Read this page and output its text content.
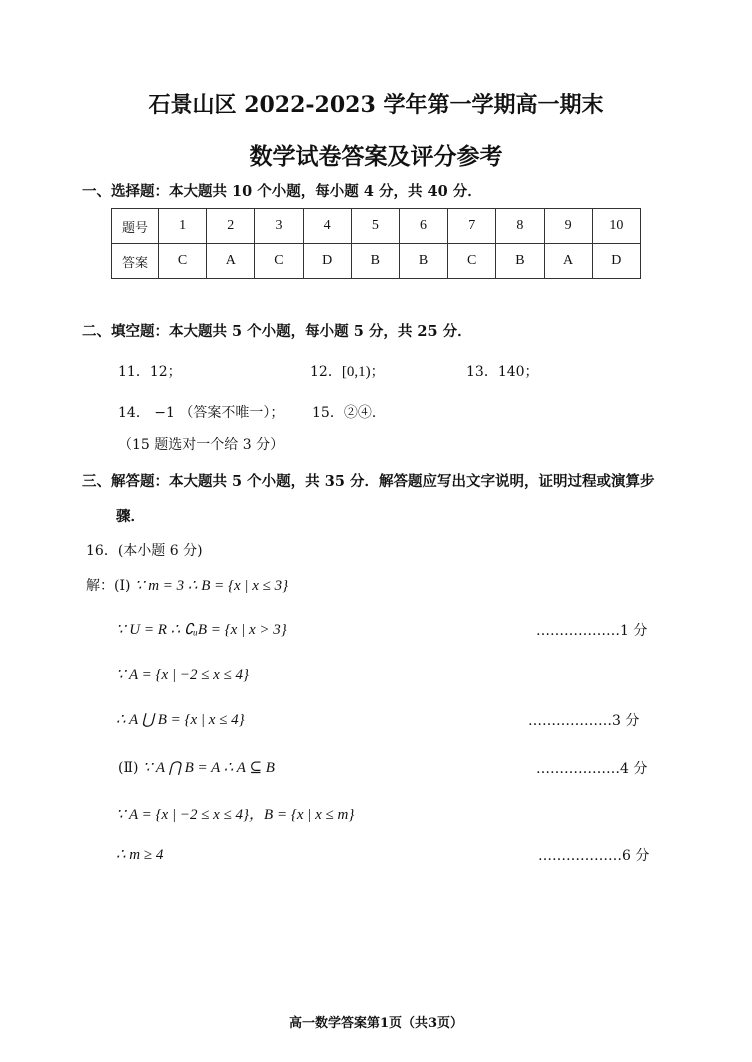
石景山区 2022-2023 学年第一学期高一期末
数学试卷答案及评分参考
一、选择题：本大题共 10 个小题，每小题 4 分，共 40 分．
题号	1	2	3	4	5	6	7	8	9	10
答案	C	A	C	D	B	B	C	B	A	D
二、填空题：本大题共 5 个小题，每小题 5 分，共 25 分．
11．12；	12．[0,1)；	13．140；
14． −1 （答案不唯一）； 15．②④．
（15 题选对一个给 3 分）
三、解答题：本大题共 5 个小题，共 35 分．解答题应写出文字说明，证明过程或演算步
骤．
16．(本小题 6 分)
解：(Ⅰ) ∵ m = 3 ∴ B = {x | x ≤ 3}
∵ U = R ∴ ∁ᵤB = {x | x > 3}	………………1 分
∵ A = {x | −2 ≤ x ≤ 4}
∴ A ⋃ B = {x | x ≤ 4}	………………3 分
(Ⅱ) ∵ A ⋂ B = A ∴ A ⊆ B	………………4 分
∵ A = {x | −2 ≤ x ≤ 4}，B = {x | x ≤ m}
∴ m ≥ 4	………………6 分
高一数学答案第1页（共3页）
